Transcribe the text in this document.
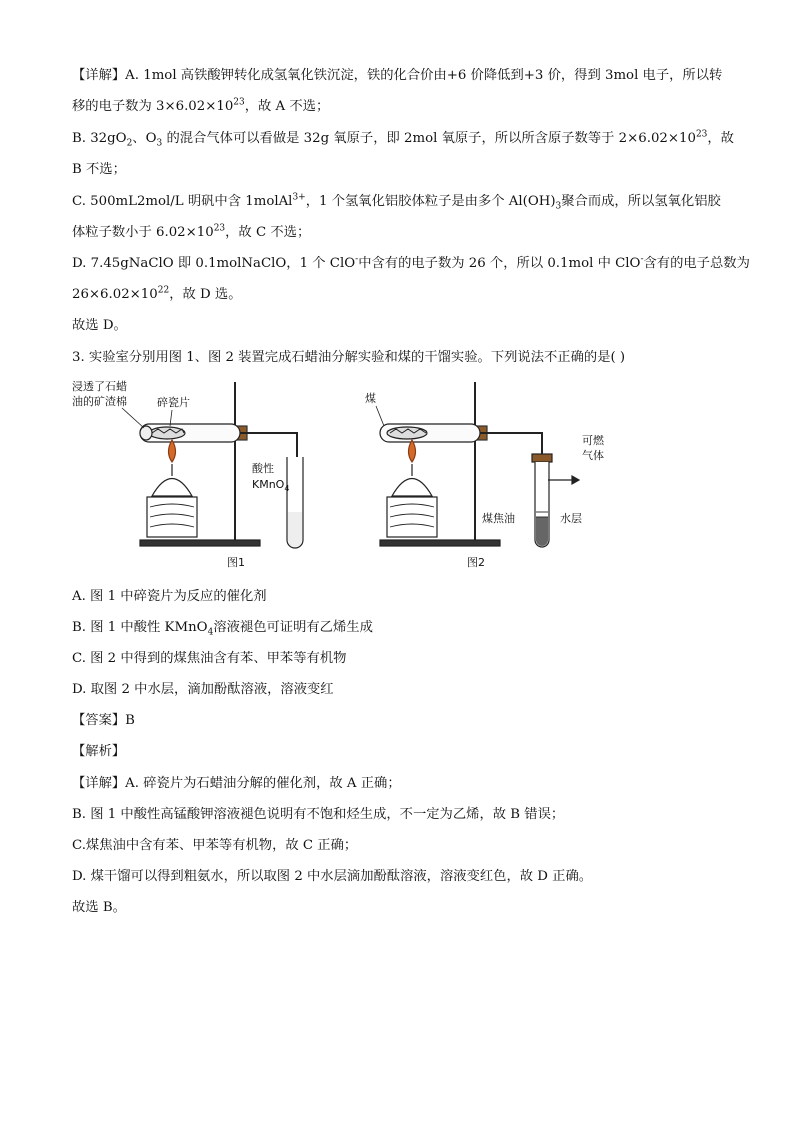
【详解】A. 1mol 高铁酸钾转化成氢氧化铁沉淀，铁的化合价由+6 价降低到+3 价，得到 3mol 电子，所以转
移的电子数为 $3\times 6.02\times 10^{23}$，故 A 不选；
B. $32gO_2$、$O_3$ 的混合气体可以看做是 32g 氧原子，即 2mol 氧原子，所以所含原子数等于 $2\times 6.02\times 10^{23}$，故
B 不选；
C. 500mL2mol/L 明矾中含 1molAl$^{3+}$，1 个氢氧化铝胶体粒子是由多个 $Al(OH)_3$聚合而成，所以氢氧化铝胶
体粒子数小于 $6.02\times 10^{23}$，故 C 不选；
D. 7.45gNaClO 即 0.1molNaClO，1 个 ClO-中含有的电子数为 26 个，所以 0.1mol 中 ClO-含有的电子总数为
$26\times 6.02\times 10^{22}$，故 D 选。
故选 D。
3. 实验室分别用图 1、图 2 装置完成石蜡油分解实验和煤的干馏实验。下列说法不正确的是( )
浸透了石蜡
油的矿渣棉	碎瓷片
酸性
KMnO$_4$
图1
煤
可燃
气体
煤焦油	水层
图2
A. 图 1 中碎瓷片为反应的催化剂
B. 图 1 中酸性 KMnO$_4$溶液褪色可证明有乙烯生成
C. 图 2 中得到的煤焦油含有苯、甲苯等有机物
D. 取图 2 中水层，滴加酚酞溶液，溶液变红
【答案】B
【解析】
【详解】A. 碎瓷片为石蜡油分解的催化剂，故 A 正确；
B. 图 1 中酸性高锰酸钾溶液褪色说明有不饱和烃生成，不一定为乙烯，故 B 错误；
C.煤焦油中含有苯、甲苯等有机物，故 C 正确；
D. 煤干馏可以得到粗氨水，所以取图 2 中水层滴加酚酞溶液，溶液变红色，故 D 正确。
故选 B。
